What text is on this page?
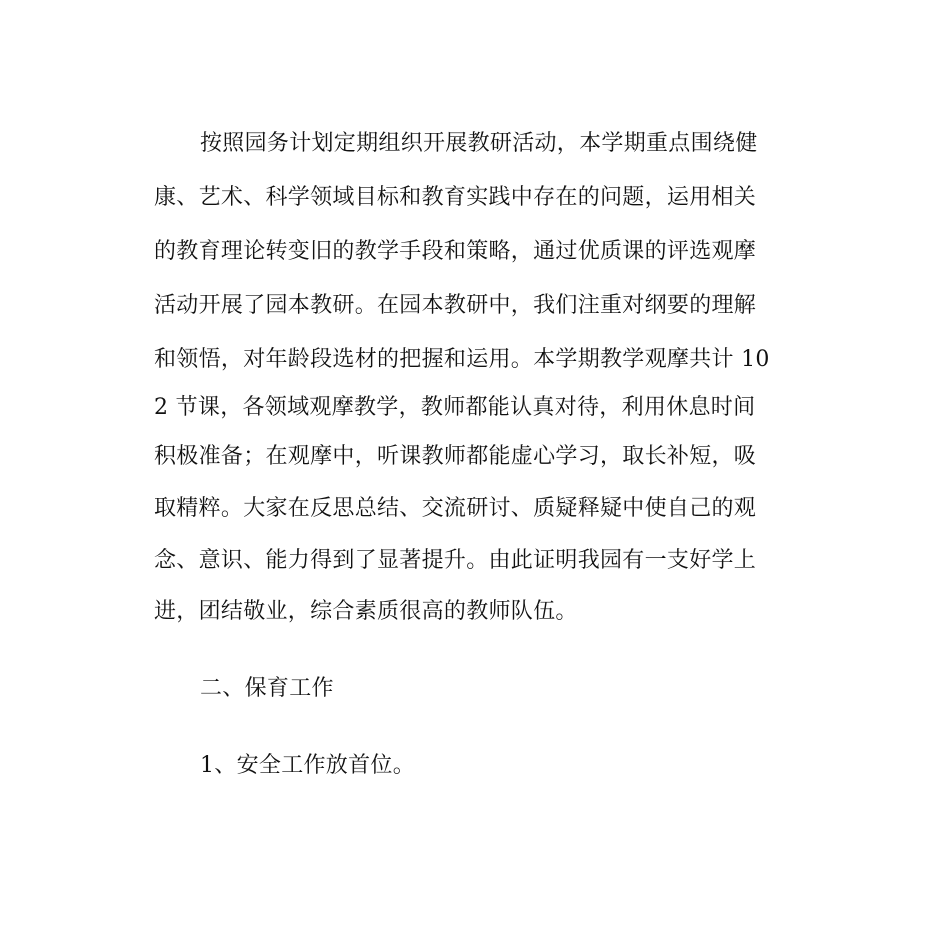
按照园务计划定期组织开展教研活动，本学期重点围绕健
康、艺术、科学领域目标和教育实践中存在的问题，运用相关
的教育理论转变旧的教学手段和策略，通过优质课的评选观摩
活动开展了园本教研。在园本教研中，我们注重对纲要的理解
和领悟，对年龄段选材的把握和运用。本学期教学观摩共计 10
2 节课，各领域观摩教学，教师都能认真对待，利用休息时间
积极准备；在观摩中，听课教师都能虚心学习，取长补短，吸
取精粹。大家在反思总结、交流研讨、质疑释疑中使自己的观
念、意识、能力得到了显著提升。由此证明我园有一支好学上
进，团结敬业，综合素质很高的教师队伍。
二、保育工作
1、安全工作放首位。
